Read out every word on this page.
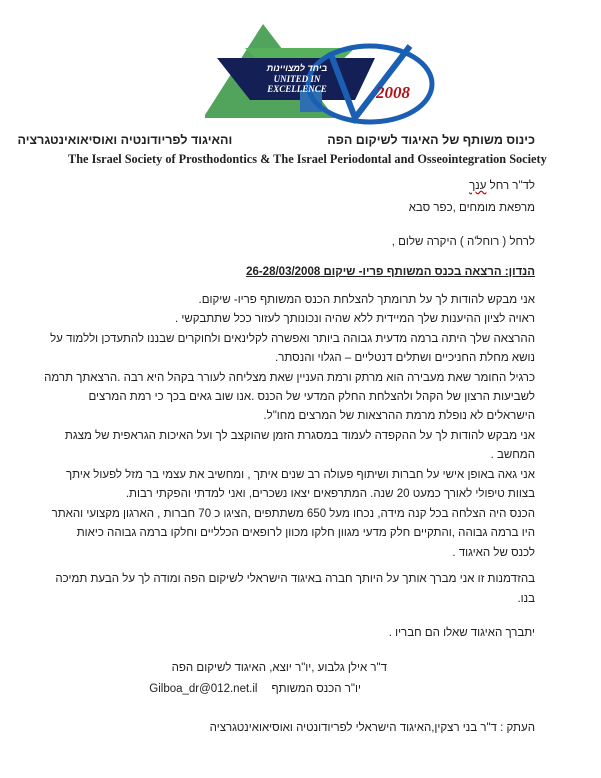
ביחד למצויינות
UNITED IN
EXCELLENCE	2008
כינוס משותף של האיגוד לשיקום הפהוהאיגוד לפריודונטיה ואוסיאואינטגרציה
The Israel Society of Prosthodontics & The Israel Periodontal and Osseointegration Society
לד"ר רחל ענך
מרפאת מומחים ,כפר סבא
לרחל ( רוחל'ה ) היקרה שלום ,
הנדון: הרצאה בכנס המשותף פריו- שיקום 26-28/03/2008
אני מבקש להודות לך על תרומתך להצלחת הכנס המשותף פריו- שיקום.
ראויה לציון ההיענות שלך המיידית ללא שהיה ונכונותך לעזור ככל שתתבקשי .
ההרצאה שלך היתה ברמה מדעית גבוהה ביותר ואפשרה לקלינאים ולחוקרים שבננו להתעדכן וללמוד על
נושא מחלת החניכיים ושתלים דנטליים – הגלוי והנסתר.
כרגיל החומר שאת מעבירה הוא מרתק ורמת העניין שאת מצליחה לעורר בקהל היא רבה .הרצאתך תרמה
לשביעות הרצון של הקהל ולהצלחת החלק המדעי של הכנס .אנו שוב גאים בכך כי רמת המרצים
הישראלים לא נופלת מרמת ההרצאות של המרצים מחו"ל.
אני מבקש להודות לך על ההקפדה לעמוד במסגרת הזמן שהוקצב לך ועל האיכות הגראפית של מצגת
המחשב .
אני גאה באופן אישי על חברות ושיתוף פעולה רב שנים איתך , ומחשיב את עצמי בר מזל לפעול איתך
בצוות טיפולי לאורך כמעט 20 שנה. המתרפאים יצאו נשכרים, ואני למדתי והפקתי רבות.
הכנס היה הצלחה בכל קנה מידה, נכחו מעל 650 משתתפים ,הציגו כ 70 חברות , הארגון מקצועי והאתר
היו ברמה גבוהה ,והתקיים חלק מדעי מגוון חלקו מכוון לרופאים הכלליים וחלקו ברמה גבוהה כיאות
לכנס של האיגוד .
בהזדמנות זו אני מברך אותך על היותך חברה באיגוד הישראלי לשיקום הפה ומודה לך על הבעת תמיכה
בנו.
יתברך האיגוד שאלו הם חבריו .
ד"ר אילן גלבוע ,יו"ר יוצא, האיגוד לשיקום הפה
יו"ר הכנס המשותף
Gilboa_dr@012.net.il
העתק : ד"ר בני רצקין,האיגוד הישראלי לפריודונטיה ואוסיאואינטגרציה
